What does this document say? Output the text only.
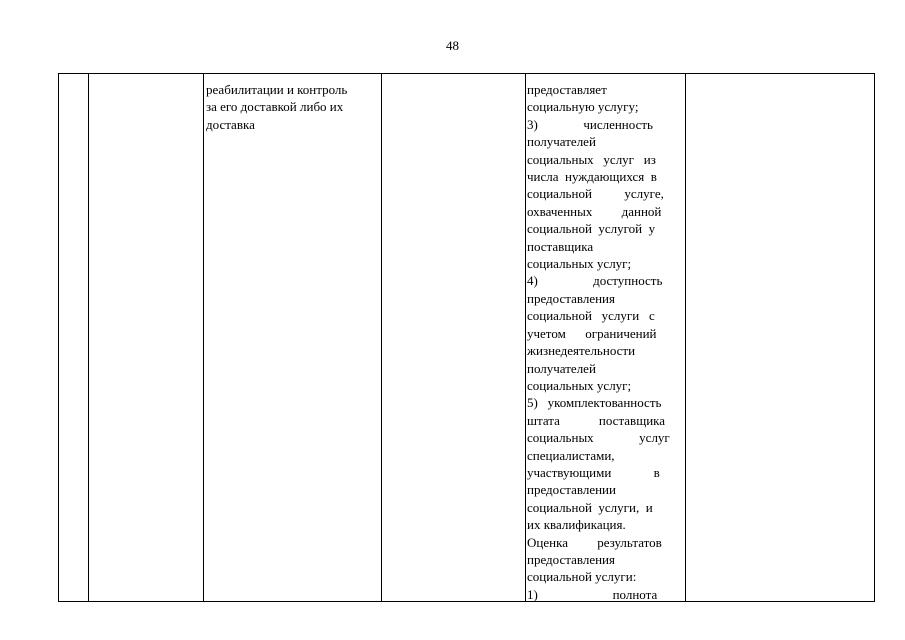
48
реабилитации и контроль
за его доставкой либо их
доставка
предоставляет
социальную услугу;
3)              численность
получателей
социальных   услуг   из
числа  нуждающихся  в
социальной          услуге,
охваченных         данной
социальной  услугой  у
поставщика
социальных услуг;
4)                 доступность
предоставления
социальной   услуги   с
учетом      ограничений
жизнедеятельности
получателей
социальных услуг;
5)   укомплектованность
штата            поставщика
социальных              услуг
специалистами,
участвующими             в
предоставлении
социальной  услуги,  и
их квалификация.
Оценка         результатов
предоставления
социальной услуги:
1)                       полнота
